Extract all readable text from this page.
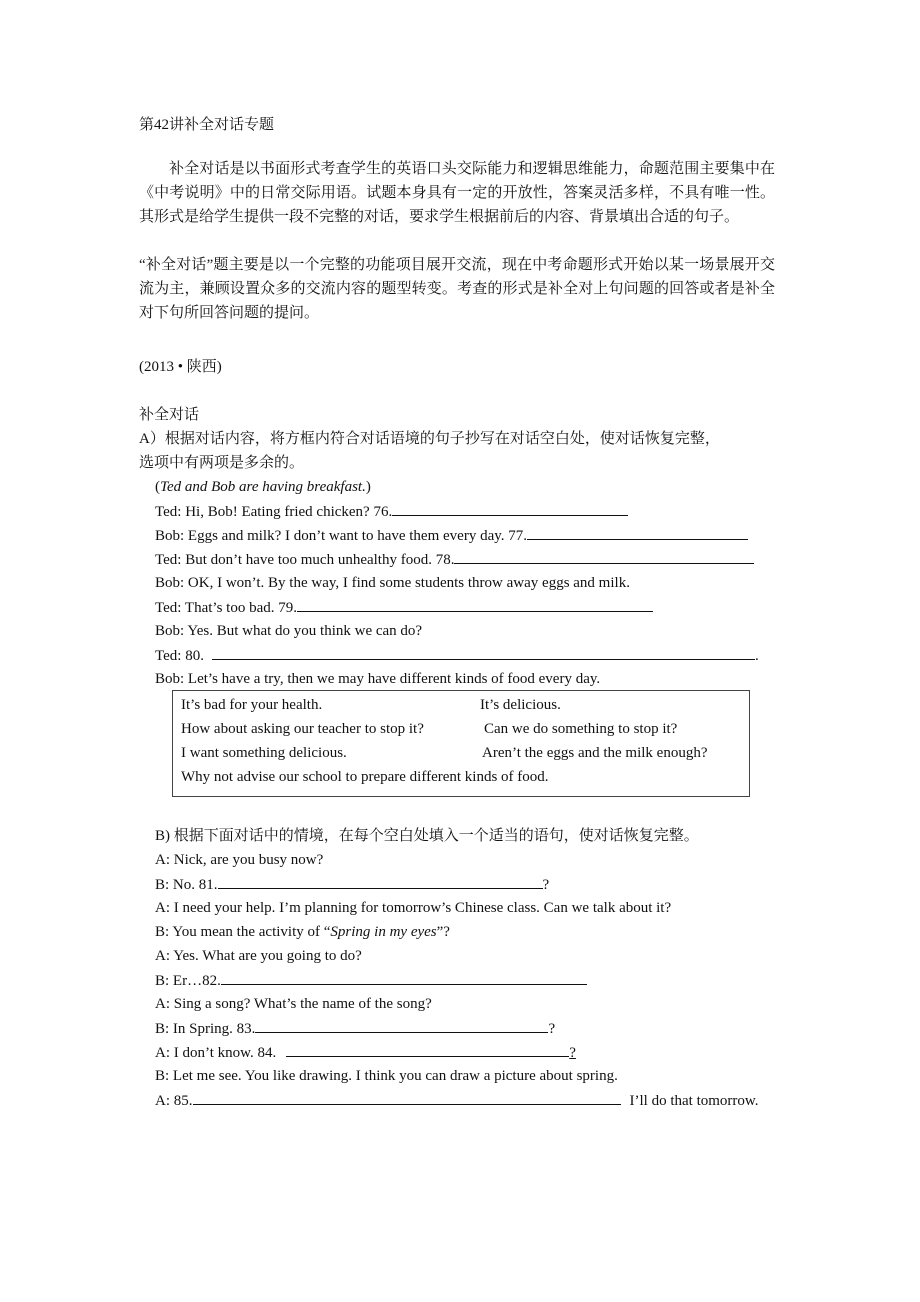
第42讲补全对话专题
补全对话是以书面形式考查学生的英语口头交际能力和逻辑思维能力，命题范围主要集中在《中考说明》中的日常交际用语。试题本身具有一定的开放性，答案灵活多样，不具有唯一性。其形式是给学生提供一段不完整的对话，要求学生根据前后的内容、背景填出合适的句子。
“补全对话”题主要是以一个完整的功能项目展开交流，现在中考命题形式开始以某一场景展开交流为主，兼顾设置众多的交流内容的题型转变。考查的形式是补全对上句问题的回答或者是补全对下句所回答问题的提问。
(2013 • 陕西)
补全对话
A）根据对话内容，将方框内符合对话语境的句子抄写在对话空白处，使对话恢复完整，
选项中有两项是多余的。
(Ted and Bob are having breakfast.)
Ted: Hi, Bob! Eating fried chicken? 76.
Bob: Eggs and milk? I don’t want to have them every day. 77.
Ted: But don’t have too much unhealthy food. 78.
Bob: OK, I won’t. By the way, I find some students throw away eggs and milk.
Ted: That’s too bad. 79.
Bob: Yes. But what do you think we can do?
Ted: 80.	.
Bob: Let’s have a try, then we may have different kinds of food every day.
It’s bad for your health.	It’s delicious.
How about asking our teacher to stop it?	Can we do something to stop it?
I want something delicious.	Aren’t the eggs and the milk enough?
Why not advise our school to prepare different kinds of food.
B) 根据下面对话中的情境，在每个空白处填入一个适当的语句，使对话恢复完整。
A: Nick, are you busy now?
B: No. 81.	?
A: I need your help. I’m planning for tomorrow’s Chinese class. Can we talk about it?
B: You mean the activity of “Spring in my eyes”?
A: Yes. What are you going to do?
B: Er…82.
A: Sing a song? What’s the name of the song?
B: In Spring. 83.	?
A: I don’t know. 84.	?
B: Let me see. You like drawing. I think you can draw a picture about spring.
A: 85.	I’ll do that tomorrow.
